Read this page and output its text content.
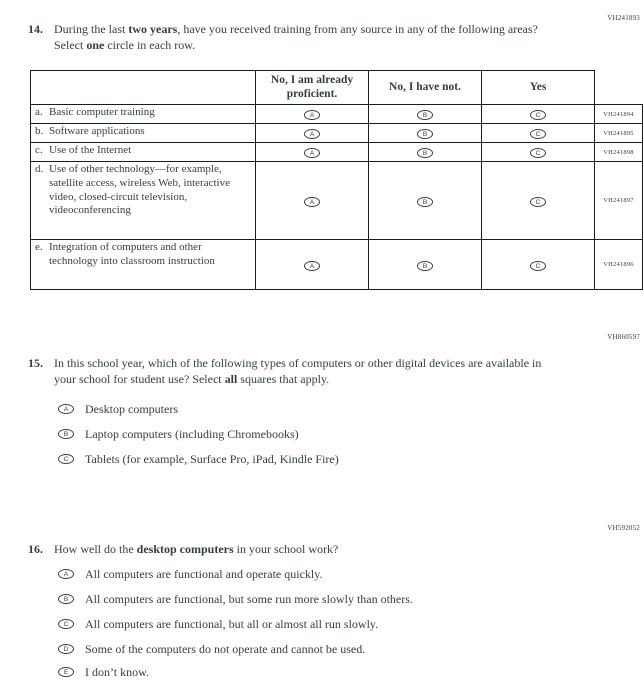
VH241893
VH860597
VH592052
14. During the last two years, have you received training from any source in any of the following areas? Select one circle in each row.
	No, I am already proficient.	No, I have not.	Yes	

a. Basic computer training	A	B	C	VH241894

b. Software applications	A	B	C	VH241895

c. Use of the Internet	A	B	C	VH241898

d. Use of other technology—for example, satellite access, wireless Web, interactive video, closed-circuit television, videoconferencing	A	B	C	VH241897

e. Integration of computers and other technology into classroom instruction	A	B	C	VH241896
15. In this school year, which of the following types of computers or other digital devices are available in your school for student use? Select all squares that apply.
A	Desktop computers
B	Laptop computers (including Chromebooks)
C	Tablets (for example, Surface Pro, iPad, Kindle Fire)
16. How well do the desktop computers in your school work?
A	All computers are functional and operate quickly.
B	All computers are functional, but some run more slowly than others.
C	All computers are functional, but all or almost all run slowly.
D	Some of the computers do not operate and cannot be used.
E	I don’t know.
